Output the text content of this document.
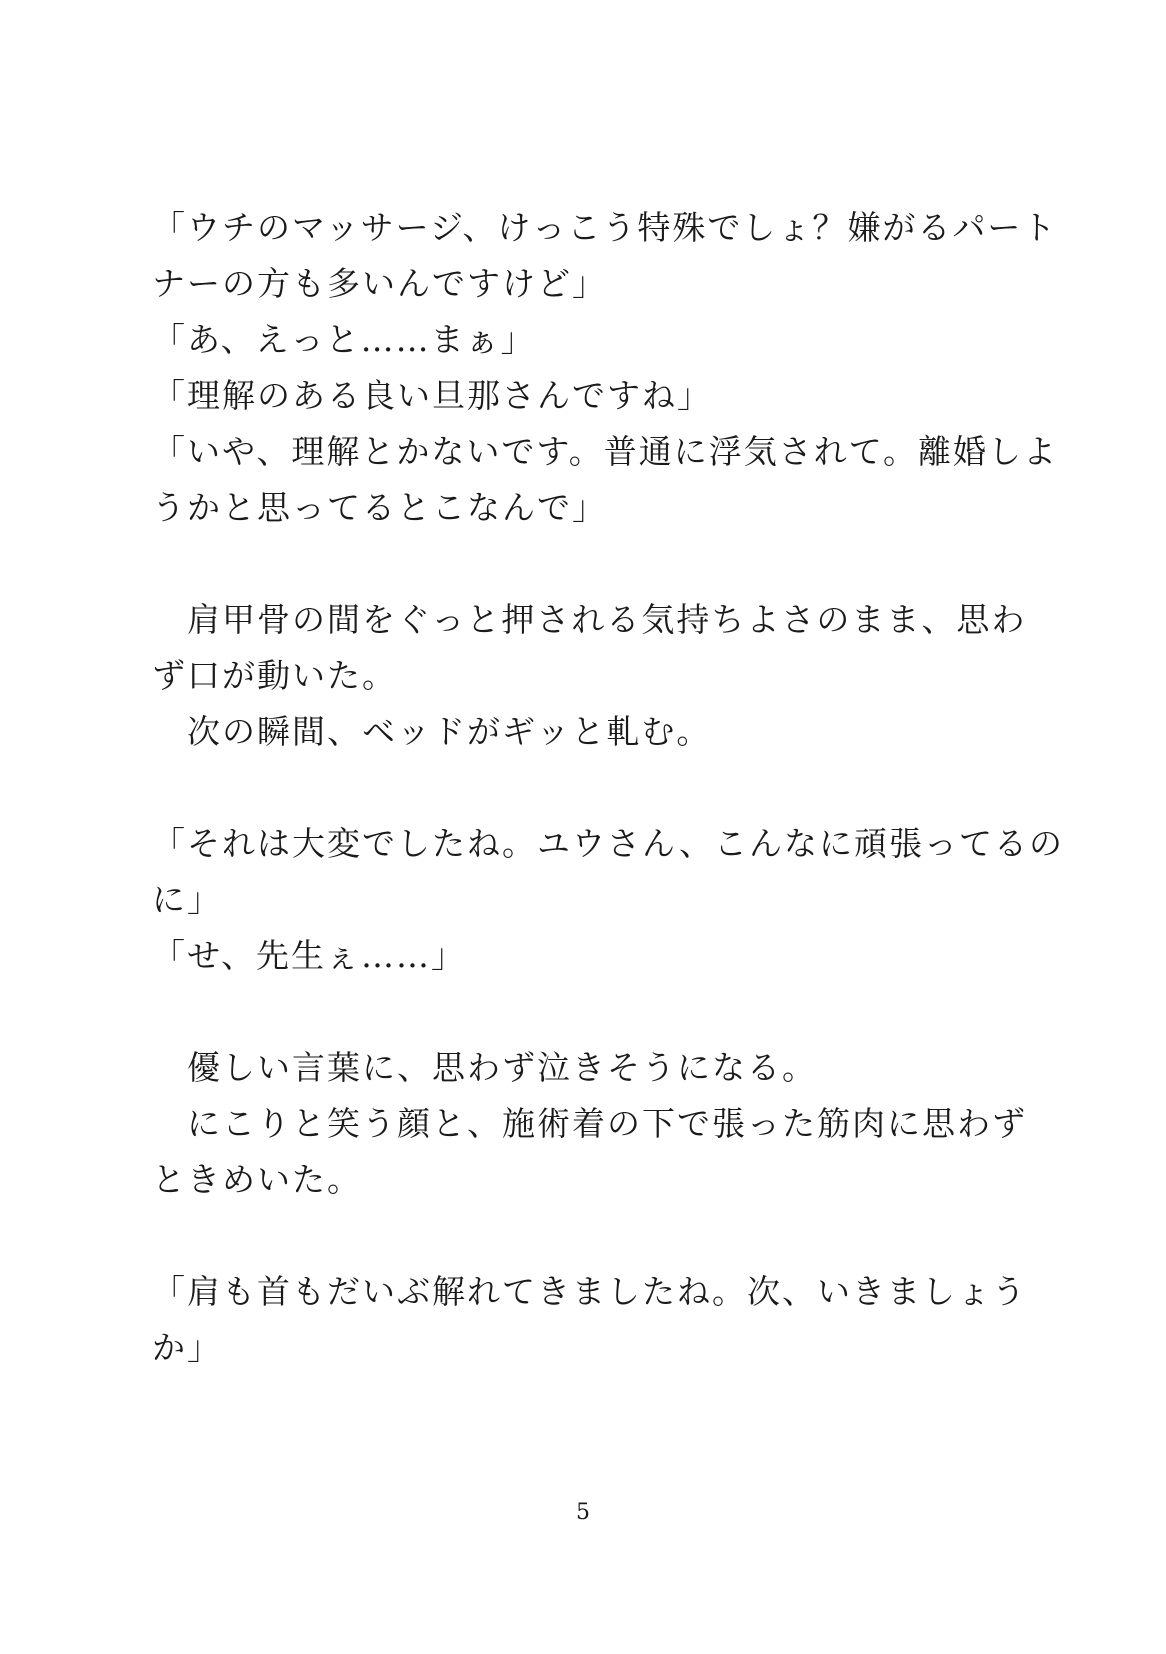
「ウチのマッサージ、けっこう特殊でしょ？嫌がるパート
ナーの方も多いんですけど」
「あ、えっと……まぁ」
「理解のある良い旦那さんですね」
「いや、理解とかないです。普通に浮気されて。離婚しよ
うかと思ってるとこなんで」
　肩甲骨の間をぐっと押される気持ちよさのまま、思わ
ず口が動いた。
　次の瞬間、ベッドがギッと軋む。
「それは大変でしたね。ユウさん、こんなに頑張ってるの
に」
「せ、先生ぇ……」
　優しい言葉に、思わず泣きそうになる。
　にこりと笑う顔と、施術着の下で張った筋肉に思わず
ときめいた。
「肩も首もだいぶ解れてきましたね。次、いきましょう
か」
5
